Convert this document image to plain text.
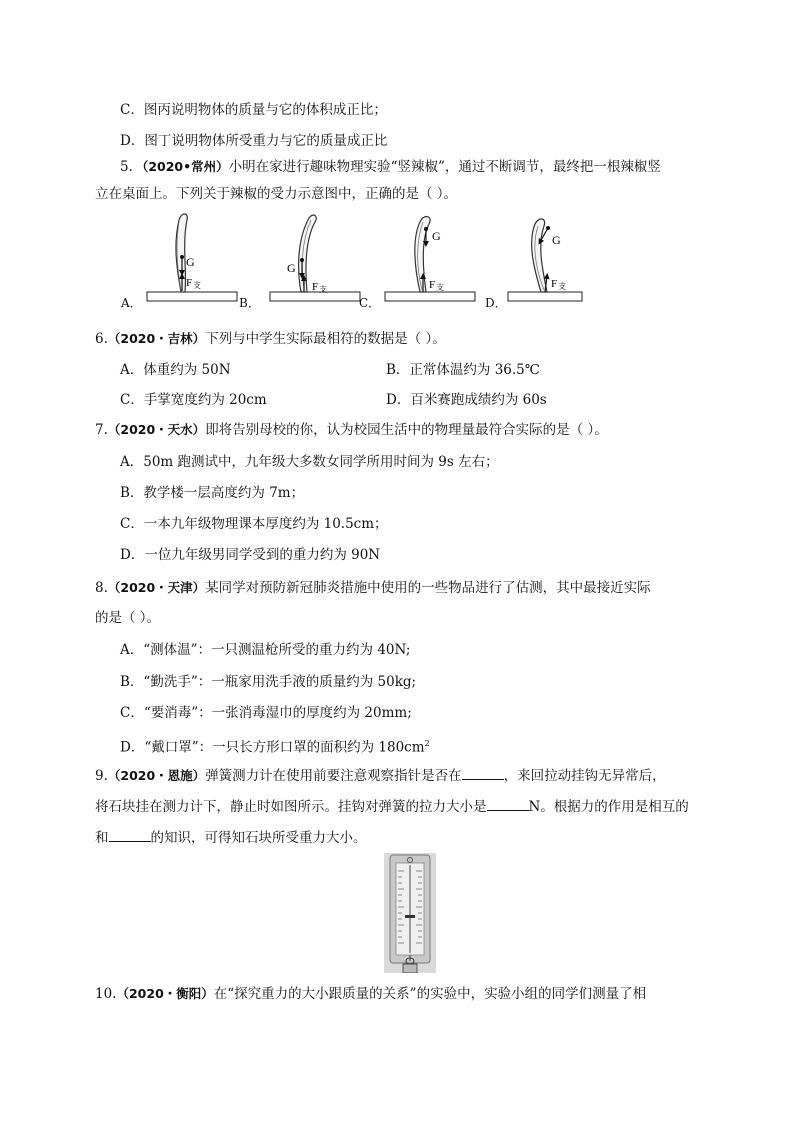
C．图丙说明物体的质量与它的体积成正比；
D．图丁说明物体所受重力与它的质量成正比
5．（2020•常州）小明在家进行趣味物理实验“竖辣椒”，通过不断调节，最终把一根辣椒竖
立在桌面上。下列关于辣椒的受力示意图中，正确的是（ ）。
A．	B．	C．	D．
G
F 支
G
F 支
G
F 支
G
F 支
6.（2020・吉林）下列与中学生实际最相符的数据是（ ）。
A．体重约为 50N	B．正常体温约为 36.5℃
C．手掌宽度约为 20cm	D．百米赛跑成绩约为 60s
7.（2020・天水）即将告别母校的你，认为校园生活中的物理量最符合实际的是（ ）。
A．50m 跑测试中，九年级大多数女同学所用时间为 9s 左右；
B．教学楼一层高度约为 7m；
C．一本九年级物理课本厚度约为 10.5cm；
D．一位九年级男同学受到的重力约为 90N
8.（2020・天津）某同学对预防新冠肺炎措施中使用的一些物品进行了估测，其中最接近实际
的是（ ）。
A．“测体温”：一只测温枪所受的重力约为 40N;
B．“勤洗手”：一瓶家用洗手液的质量约为 50kg;
C．“要消毒”：一张消毒湿巾的厚度约为 20mm;
D．“戴口罩”：一只长方形口罩的面积约为 $180cm^2$
9.（2020・恩施）弹簧测力计在使用前要注意观察指针是否在	，来回拉动挂钩无异常后，
将石块挂在测力计下，静止时如图所示。挂钩对弹簧的拉力大小是	N。根据力的作用是相互的
和	的知识，可得知石块所受重力大小。
10.（2020・衡阳）在“探究重力的大小跟质量的关系”的实验中，实验小组的同学们测量了相
